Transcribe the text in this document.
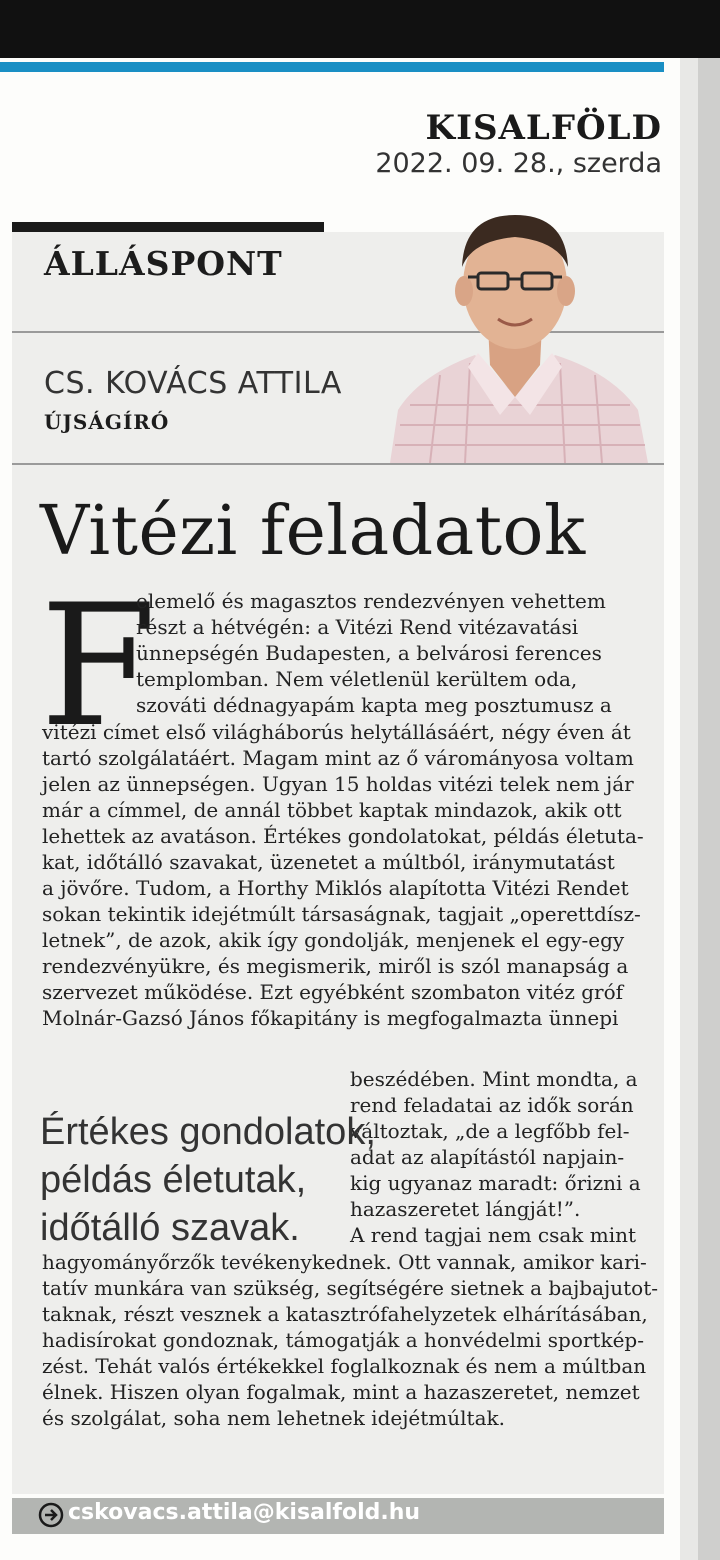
KISALFÖLD
2022. 09. 28., szerda
ÁLLÁSPONT
CS. KOVÁCS ATTILA
ÚJSÁGÍRÓ
Vitézi feladatok
F
elemelő és magasztos rendezvényen vehettem
részt a hétvégén: a Vitézi Rend vitézavatási
ünnepségén Budapesten, a belvárosi ferences
templomban. Nem véletlenül kerültem oda,
szováti dédnagyapám kapta meg posztumusz a
vitézi címet első világháborús helytállásáért, négy éven át
tartó szolgálatáért. Magam mint az ő várományosa voltam
jelen az ünnepségen. Ugyan 15 holdas vitézi telek nem jár
már a címmel, de annál többet kaptak mindazok, akik ott
lehettek az avatáson. Értékes gondolatokat, példás életuta-
kat, időtálló szavakat, üzenetet a múltból, iránymutatást
a jövőre. Tudom, a Horthy Miklós alapította Vitézi Rendet
sokan tekintik idejétmúlt társaságnak, tagjait „operettdísz-
letnek”, de azok, akik így gondolják, menjenek el egy-egy
rendezvényükre, és megismerik, miről is szól manapság a
szervezet működése. Ezt egyébként szombaton vitéz gróf
Molnár-Gazsó János főkapitány is megfogalmazta ünnepi
beszédében. Mint mondta, a
rend feladatai az idők során
változtak, „de a legfőbb fel-
adat az alapítástól napjain-
kig ugyanaz maradt: őrizni a
hazaszeretet lángját!”.
A rend tagjai nem csak mint
hagyományőrzők tevékenykednek. Ott vannak, amikor kari-
tatív munkára van szükség, segítségére sietnek a bajbajutot-
taknak, részt vesznek a katasztrófahelyzetek elhárításában,
hadisírokat gondoznak, támogatják a honvédelmi sportkép-
zést. Tehát valós értékekkel foglalkoznak és nem a múltban
élnek. Hiszen olyan fogalmak, mint a hazaszeretet, nemzet
és szolgálat, soha nem lehetnek idejétmúltak.
Értékes gondolatok,
példás életutak,
időtálló szavak.
cskovacs.attila@kisalfold.hu
